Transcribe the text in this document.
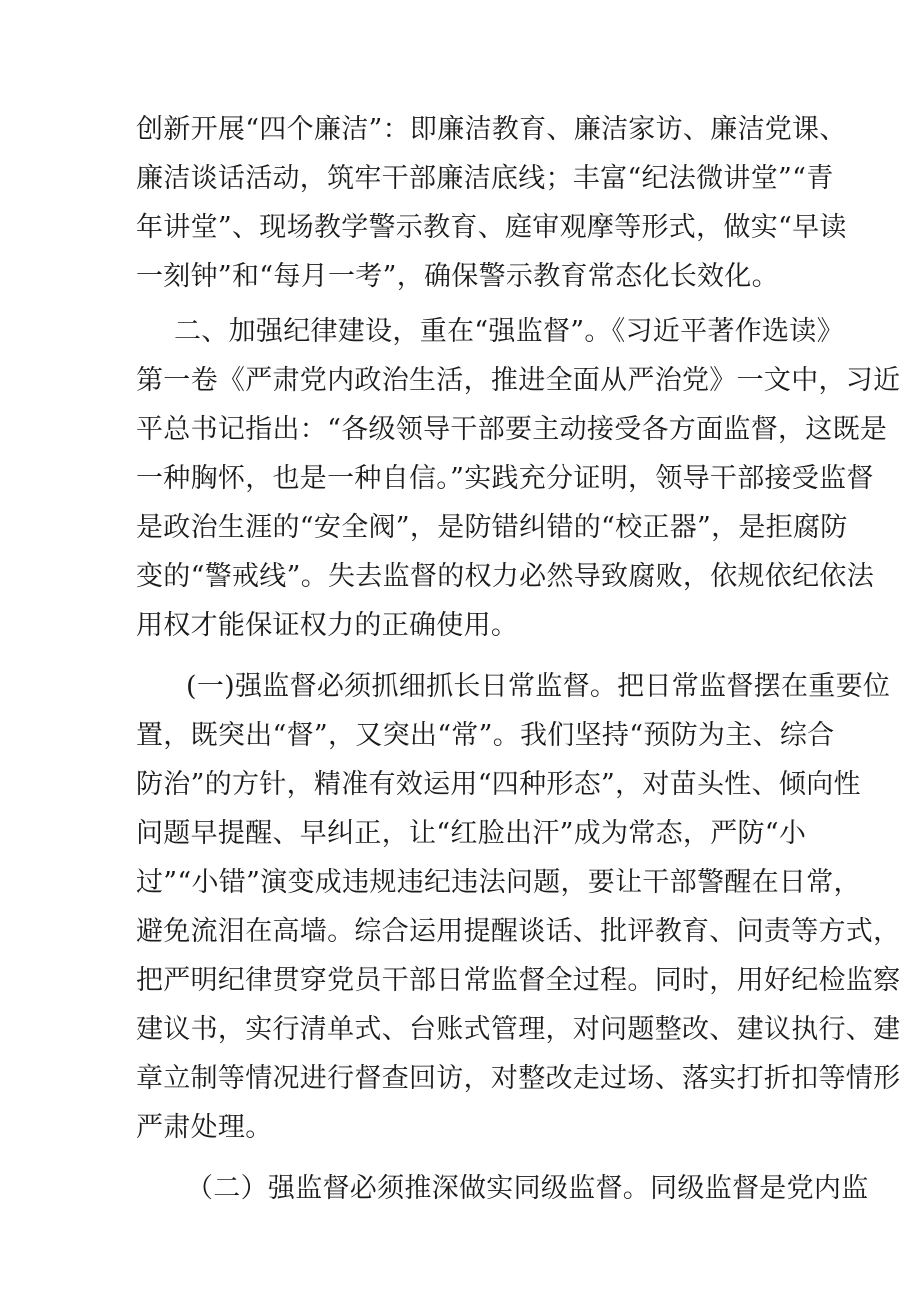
创新开展“四个廉洁”：即廉洁教育、廉洁家访、廉洁党课、
廉洁谈话活动，筑牢干部廉洁底线；丰富“纪法微讲堂”“青
年讲堂”、现场教学警示教育、庭审观摩等形式，做实“早读
一刻钟”和“每月一考”，确保警示教育常态化长效化。
二、加强纪律建设，重在“强监督”。《习近平著作选读》
第一卷《严肃党内政治生活，推进全面从严治党》一文中，习近
平总书记指出：“各级领导干部要主动接受各方面监督，这既是
一种胸怀，也是一种自信。”实践充分证明，领导干部接受监督
是政治生涯的“安全阀”，是防错纠错的“校正器”，是拒腐防
变的“警戒线”。失去监督的权力必然导致腐败，依规依纪依法
用权才能保证权力的正确使用。
(一)强监督必须抓细抓长日常监督。把日常监督摆在重要位
置，既突出“督”，又突出“常”。我们坚持“预防为主、综合
防治”的方针，精准有效运用“四种形态”，对苗头性、倾向性
问题早提醒、早纠正，让“红脸出汗”成为常态，严防“小
过”“小错”演变成违规违纪违法问题，要让干部警醒在日常，
避免流泪在高墙。综合运用提醒谈话、批评教育、问责等方式，
把严明纪律贯穿党员干部日常监督全过程。同时，用好纪检监察
建议书，实行清单式、台账式管理，对问题整改、建议执行、建
章立制等情况进行督查回访，对整改走过场、落实打折扣等情形
严肃处理。
（二）强监督必须推深做实同级监督。同级监督是党内监
